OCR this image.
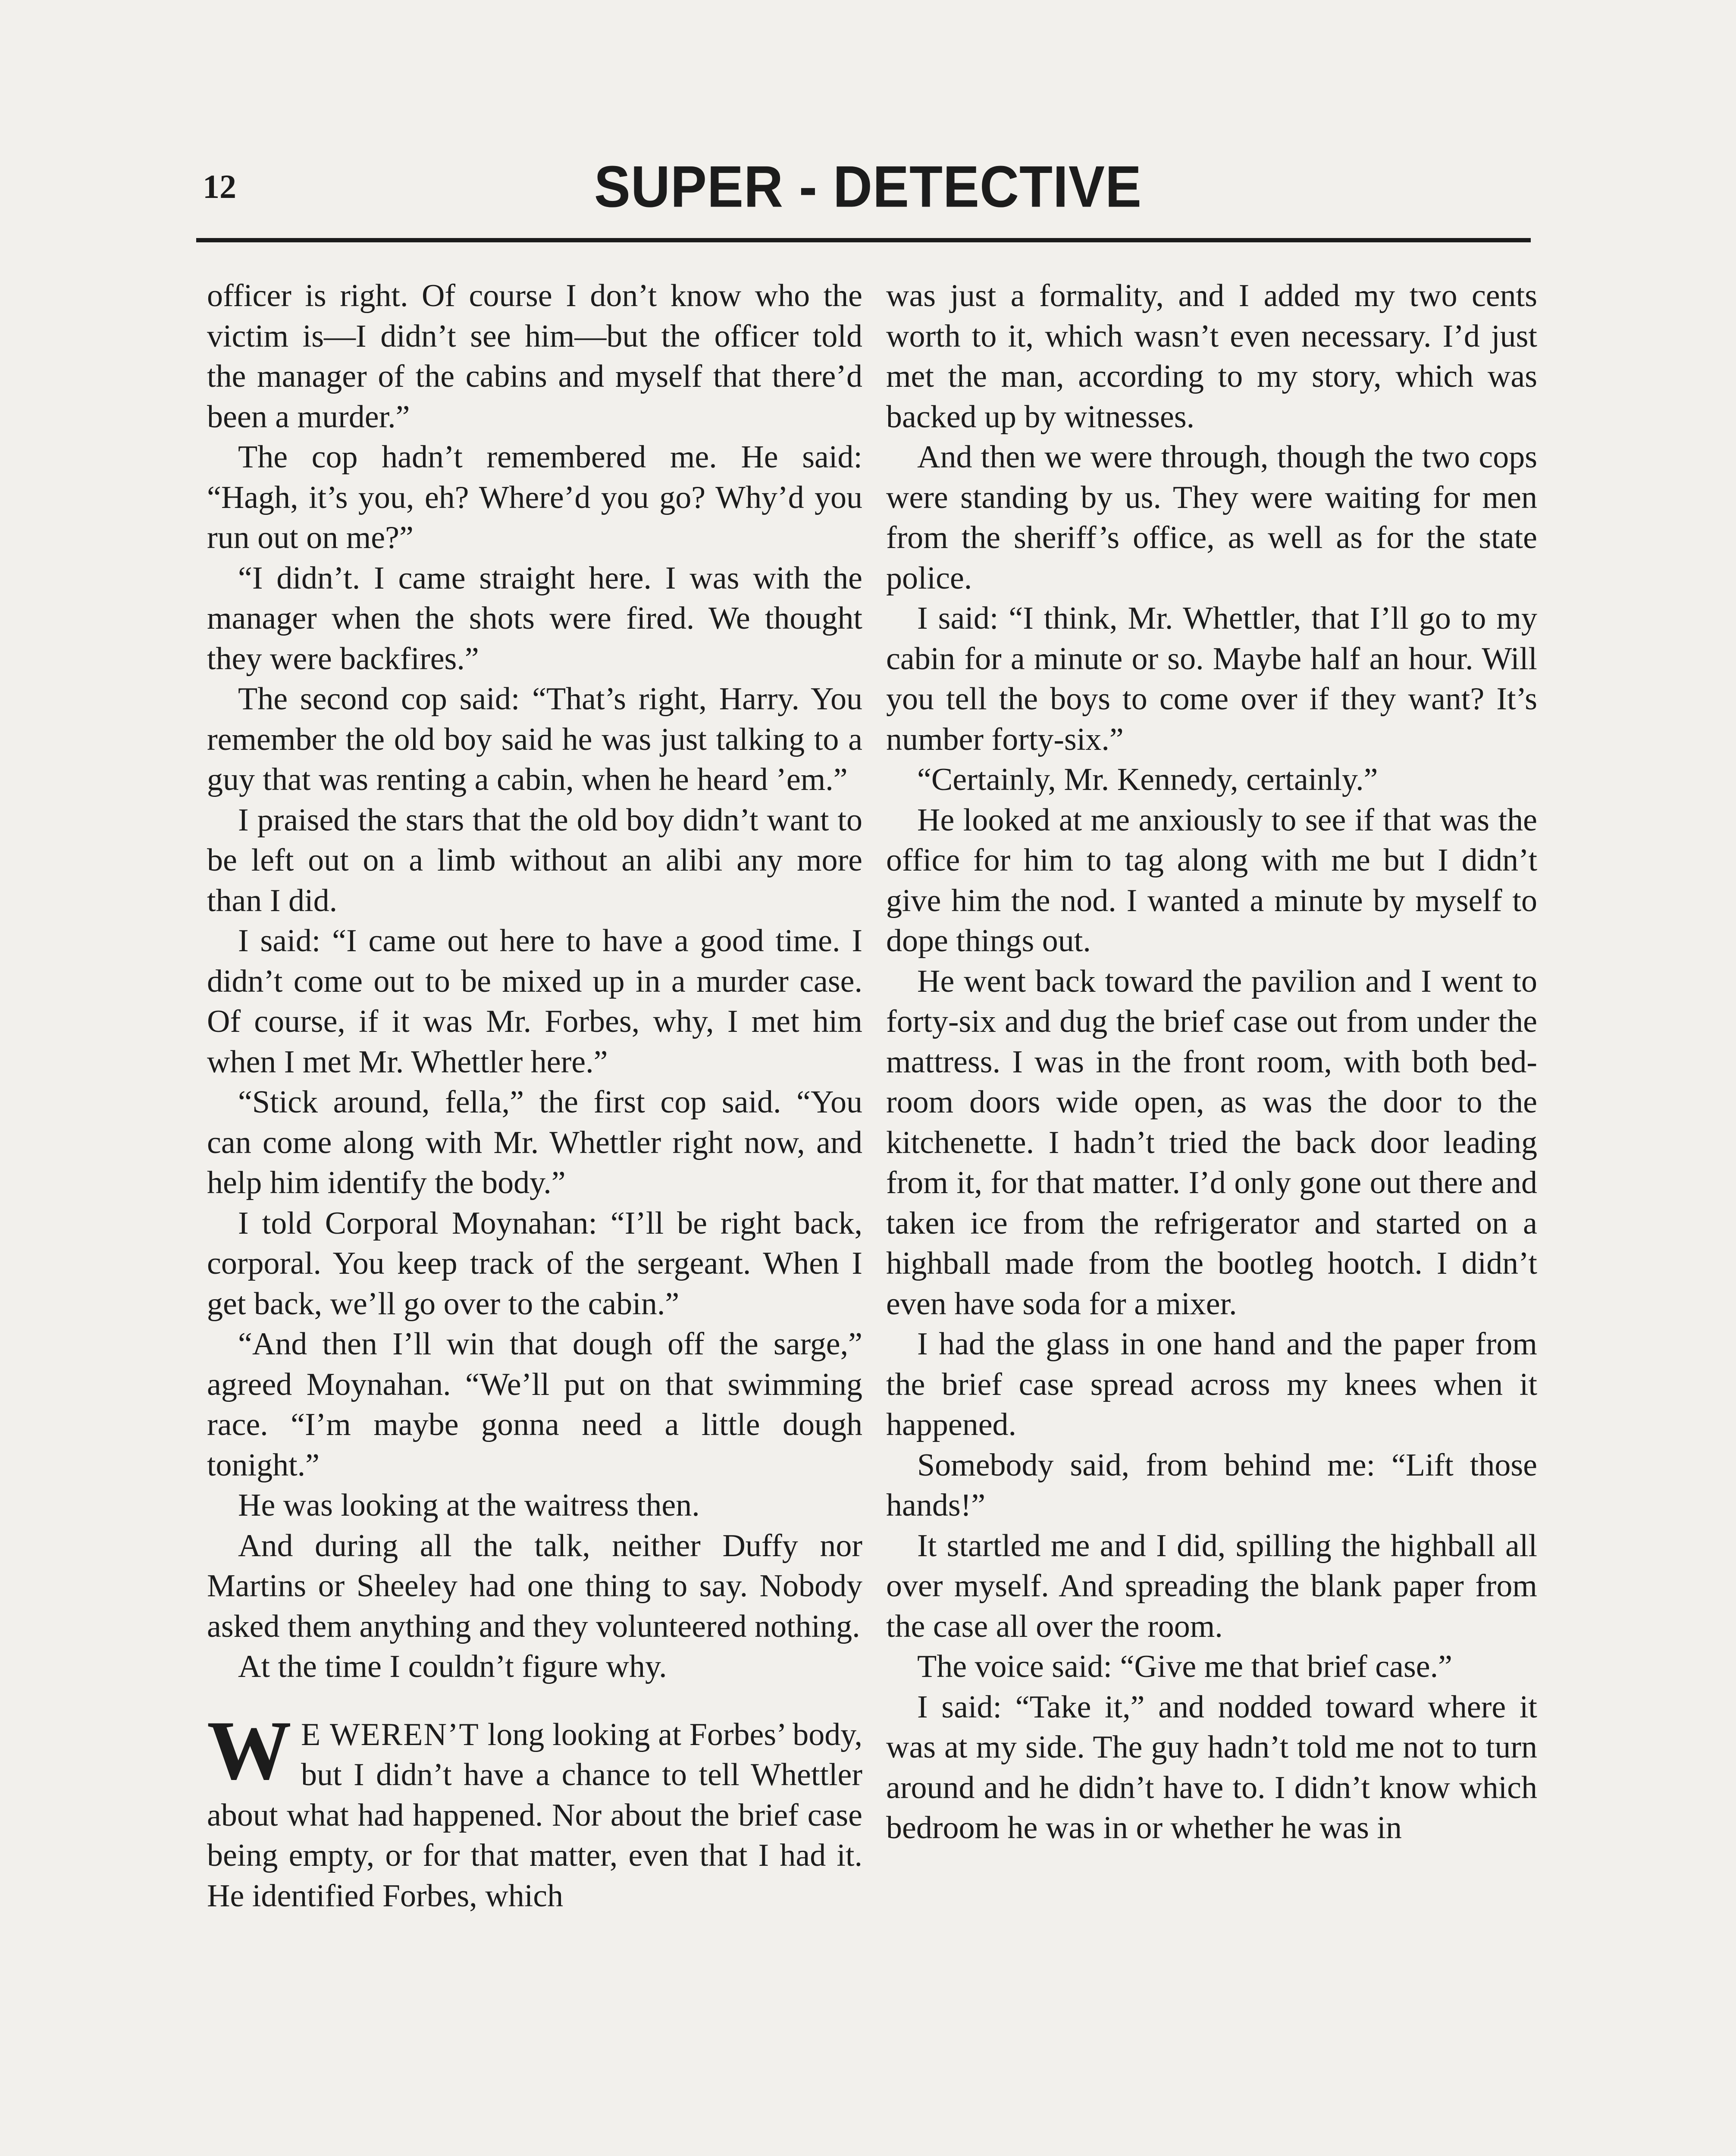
12	SUPER - DETECTIVE

officer is right. Of course I don’t know who the victim is—I didn’t see him—but the officer told the manager of the cabins and myself that there’d been a murder.”

The cop hadn’t remembered me. He said: “Hagh, it’s you, eh? Where’d you go? Why’d you run out on me?”

“I didn’t. I came straight here. I was with the manager when the shots were fired. We thought they were backfires.”

The second cop said: “That’s right, Harry. You remember the old boy said he was just talking to a guy that was renting a cabin, when he heard ’em.”

I praised the stars that the old boy didn’t want to be left out on a limb without an alibi any more than I did.

I said: “I came out here to have a good time. I didn’t come out to be mixed up in a murder case. Of course, if it was Mr. Forbes, why, I met him when I met Mr. Whettler here.”

“Stick around, fella,” the first cop said. “You can come along with Mr. Whettler right now, and help him identify the body.”

I told Corporal Moynahan: “I’ll be right back, corporal. You keep track of the sergeant. When I get back, we’ll go over to the cabin.”

“And then I’ll win that dough off the sarge,” agreed Moynahan. “We’ll put on that swimming race. “I’m maybe gonna need a little dough tonight.”

He was looking at the waitress then.

And during all the talk, neither Duffy nor Martins or Sheeley had one thing to say. Nobody asked them anything and they volunteered nothing.

At the time I couldn’t figure why.

W E WEREN’T long looking at Forbes’ body, but I didn’t have a chance to tell Whettler about what had happened. Nor about the brief case being empty, or for that matter, even that I had it. He identified Forbes, which

was just a formality, and I added my two cents worth to it, which wasn’t even necessary. I’d just met the man, according to my story, which was backed up by witnesses.

And then we were through, though the two cops were standing by us. They were waiting for men from the sheriff’s office, as well as for the state police.

I said: “I think, Mr. Whettler, that I’ll go to my cabin for a minute or so. Maybe half an hour. Will you tell the boys to come over if they want? It’s number forty-six.”

“Certainly, Mr. Kennedy, certainly.”

He looked at me anxiously to see if that was the office for him to tag along with me but I didn’t give him the nod. I wanted a minute by myself to dope things out.

He went back toward the pavilion and I went to forty-six and dug the brief case out from under the mattress. I was in the front room, with both bedroom doors wide open, as was the door to the kitchenette. I hadn’t tried the back door leading from it, for that matter. I’d only gone out there and taken ice from the refrigerator and started on a highball made from the bootleg hootch. I didn’t even have soda for a mixer.

I had the glass in one hand and the paper from the brief case spread across my knees when it happened.

Somebody said, from behind me: “Lift those hands!”

It startled me and I did, spilling the highball all over myself. And spreading the blank paper from the case all over the room.

The voice said: “Give me that brief case.”

I said: “Take it,” and nodded toward where it was at my side. The guy hadn’t told me not to turn around and he didn’t have to. I didn’t know which bedroom he was in or whether he was in
